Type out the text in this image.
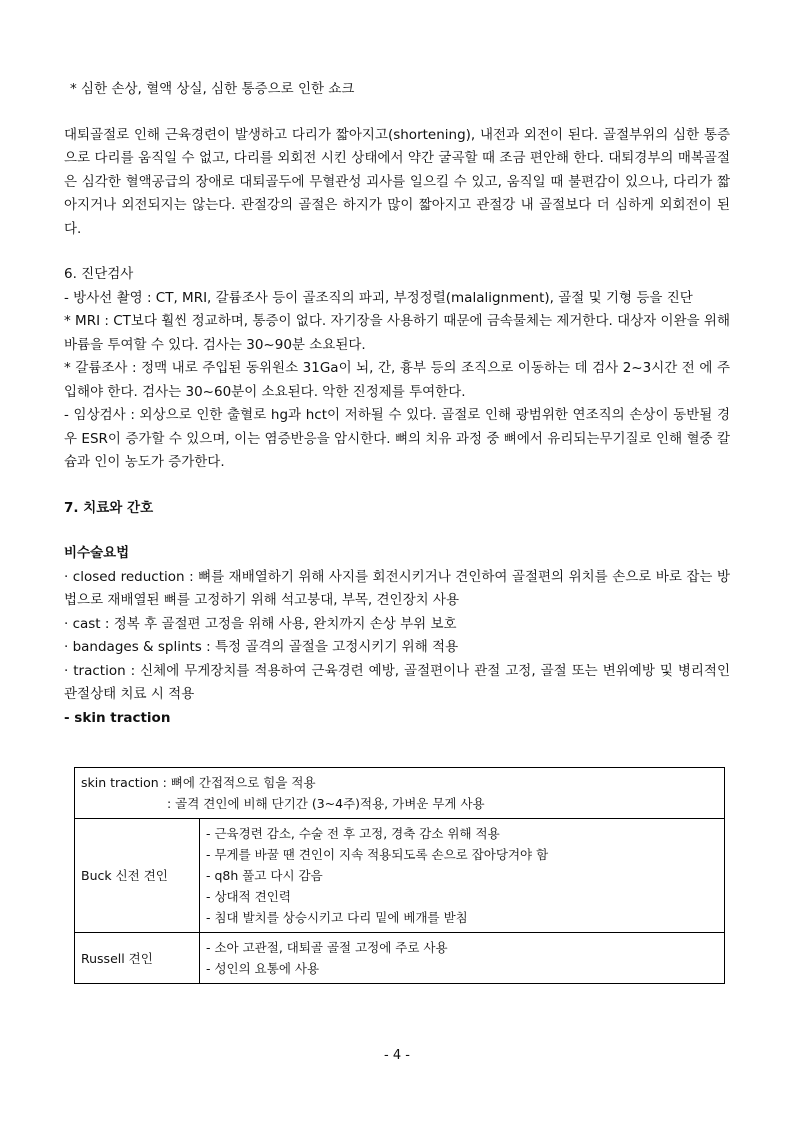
* 심한 손상, 혈액 상실, 심한 통증으로 인한 쇼크

대퇴골절로 인해 근육경련이 발생하고 다리가 짧아지고(shortening), 내전과 외전이 된다. 골절부위의 심한 통증으로 다리를 움직일 수 없고, 다리를 외회전 시킨 상태에서 약간 굴곡할 때 조금 편안해 한다. 대퇴경부의 매복골절은 심각한 혈액공급의 장애로 대퇴골두에 무혈관성 괴사를 일으킬 수 있고, 움직일 때 불편감이 있으나, 다리가 짧아지거나 외전되지는 않는다. 관절강의 골절은 하지가 많이 짧아지고 관절강 내 골절보다 더 심하게 외회전이 된다.

6. 진단검사

- 방사선 촬영 : CT, MRI, 갈륨조사 등이 골조직의 파괴, 부정정렬(malalignment), 골절 및 기형 등을 진단

* MRI : CT보다 훨씬 정교하며, 통증이 없다. 자기장을 사용하기 때문에 금속물체는 제거한다. 대상자 이완을 위해 바륨을 투여할 수 있다. 검사는 30~90분 소요된다.

* 갈륨조사 : 정맥 내로 주입된 동위원소 31Ga이 뇌, 간, 흉부 등의 조직으로 이동하는 데 검사 2~3시간 전 에 주입해야 한다. 검사는 30~60분이 소요된다. 악한 진정제를 투여한다.

- 임상검사 : 외상으로 인한 출혈로 hg과 hct이 저하될 수 있다. 골절로 인해 광범위한 연조직의 손상이 동반될 경우 ESR이 증가할 수 있으며, 이는 염증반응을 암시한다. 뼈의 치유 과정 중 뼈에서 유리되는무기질로 인해 혈중 칼슘과 인이 농도가 증가한다.

7. 치료와 간호

비수술요법

· closed reduction : 뼈를 재배열하기 위해 사지를 회전시키거나 견인하여 골절편의 위치를 손으로 바로 잡는 방법으로 재배열된 뼈를 고정하기 위해 석고붕대, 부목, 견인장치 사용

· cast : 정복 후 골절편 고정을 위해 사용, 완치까지 손상 부위 보호

· bandages & splints : 특정 골격의 골절을 고정시키기 위해 적용

· traction : 신체에 무게장치를 적용하여 근육경련 예방, 골절편이나 관절 고정, 골절 또는 변위예방 및 병리적인 관절상태 치료 시 적용

- skin traction

skin traction : 뼈에 간접적으로 힘을 적용
: 골격 견인에 비해 단기간 (3~4주)적용, 가벼운 무게 사용	

Buck 신전 견인	- 근육경련 감소, 수술 전 후 고정, 경축 감소 위해 적용
- 무게를 바꿀 땐 견인이 지속 적용되도록 손으로 잡아당겨야 함
- q8h 풀고 다시 감음
- 상대적 견인력
- 침대 발치를 상승시키고 다리 밑에 베개를 받침

Russell 견인	- 소아 고관절, 대퇴골 골절 고정에 주로 사용
- 성인의 요통에 사용
- 4 -
